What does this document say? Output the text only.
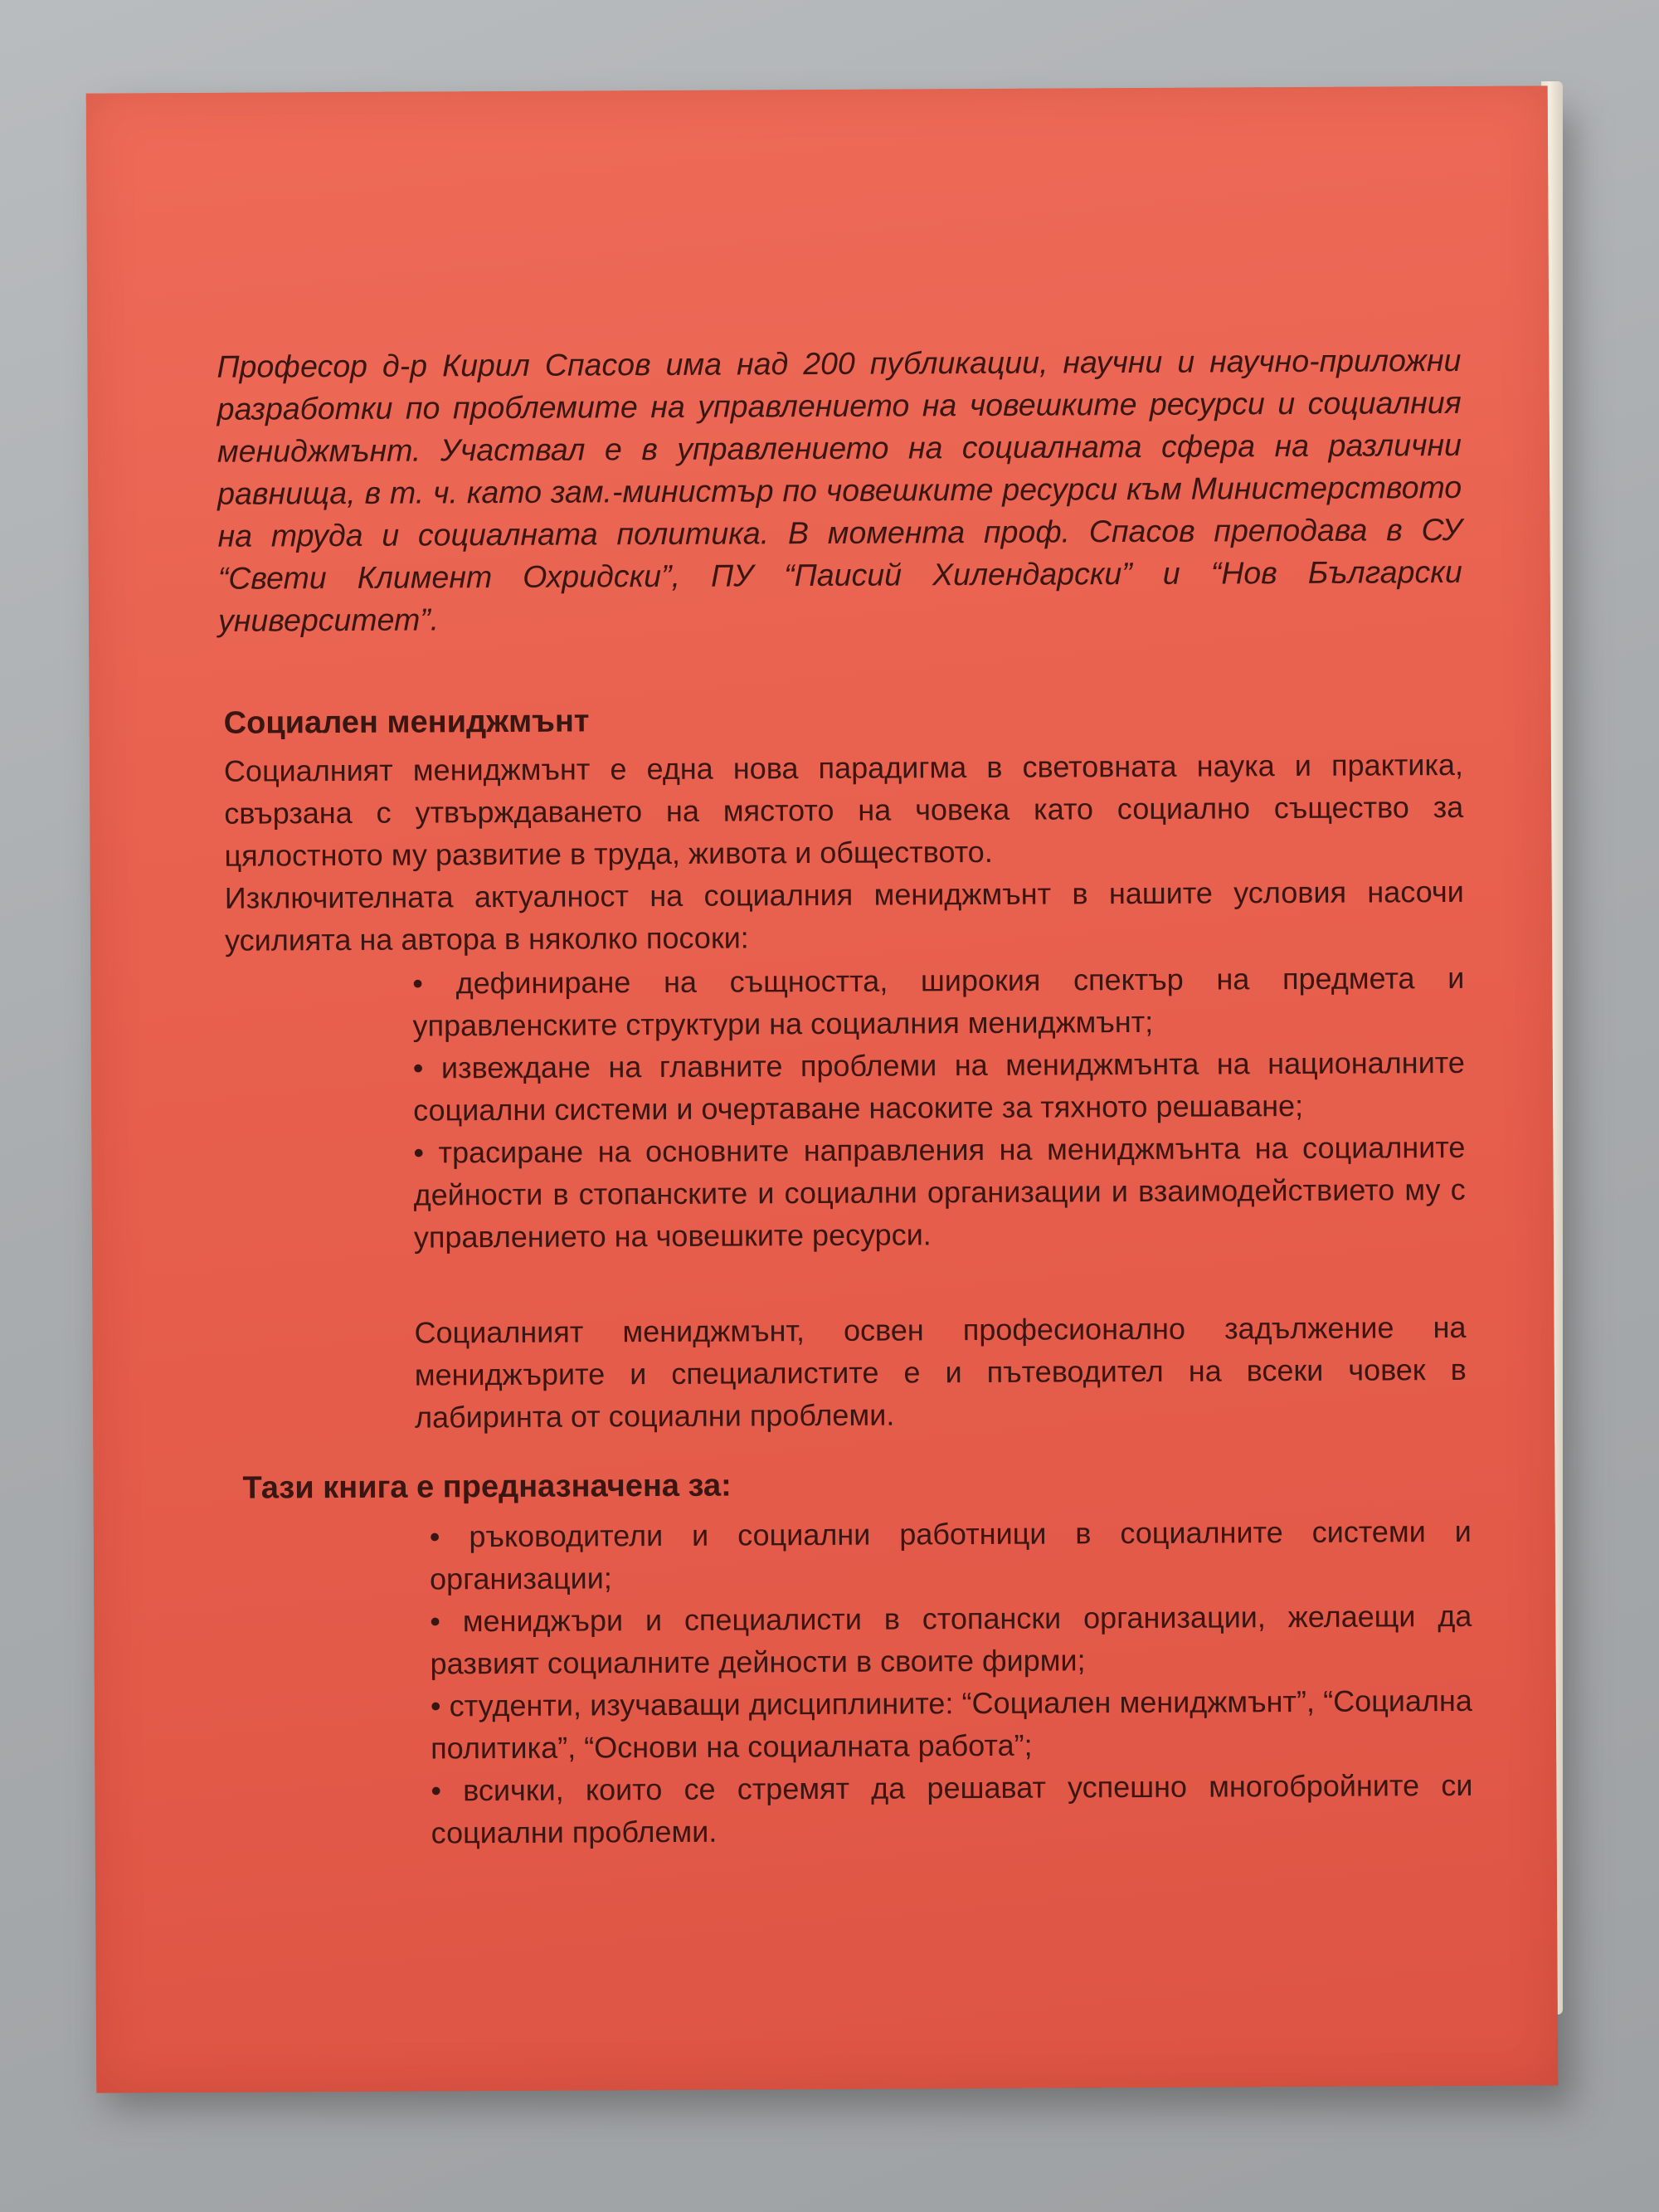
Професор д-р Кирил Спасов има над 200 публикации, научни и научно-приложни разработки по проблемите на управлението на човешките ресурси и социалния мениджмънт. Участвал е в управлението на социалната сфера на различни равнища, в т. ч. като зам.-министър по човешките ресурси към Министерството на труда и социалната политика. В момента проф. Спасов преподава в СУ “Свети Климент Охридски”, ПУ “Паисий Хилендарски” и “Нов Български университет”.
Социален мениджмънт

Социалният мениджмънт е една нова парадигма в световната наука и практика, свързана с утвърждаването на мястото на човека като социално същество за цялостното му развитие в труда, живота и обществото.

Изключителната актуалност на социалния мениджмънт в нашите условия насочи усилията на автора в няколко посоки:

• дефиниране на същността, широкия спектър на предмета и управленските структури на социалния мениджмънт;

• извеждане на главните проблеми на мениджмънта на националните социални системи и очертаване насоките за тяхното решаване;

• трасиране на основните направления на мениджмънта на социалните дейности в стопанските и социални организации и взаимодействието му с управлението на човешките ресурси.

Социалният мениджмънт, освен професионално задължение на мениджърите и специалистите е и пътеводител на всеки човек в лабиринта от социални проблеми.
Тази книга е предназначена за:

• ръководители и социални работници в социалните системи и организации;

• мениджъри и специалисти в стопански организации, желаещи да развият социалните дейности в своите фирми;

• студенти, изучаващи дисциплините: “Социален мениджмънт”, “Социална политика”, “Основи на социалната работа”;

• всички, които се стремят да решават успешно многобройните си социални проблеми.
